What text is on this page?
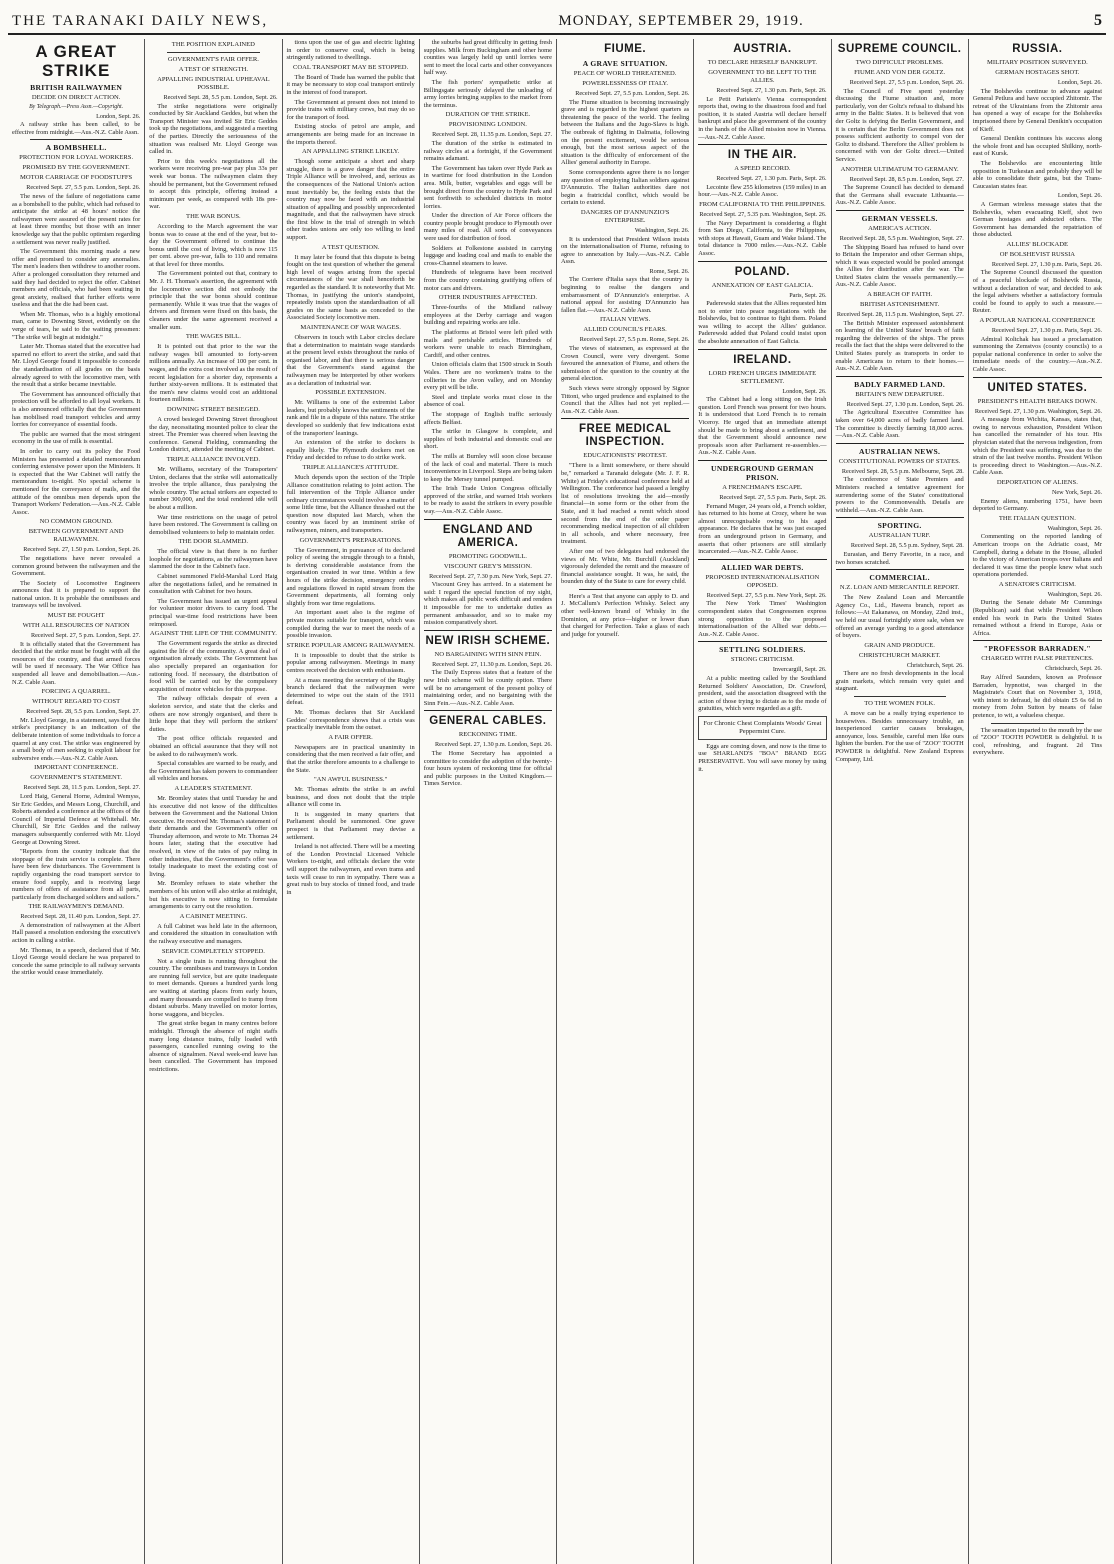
THE TARANAKI DAILY NEWS,	MONDAY, SEPTEMBER 29, 1919.	5
A GREAT STRIKE
BRITISH RAILWAYMEN
DECIDE ON DIRECT ACTION.
By Telegraph.—Press Assn.—Copyright.
London, Sept. 26.

A railway strike has been called, to be effective from midnight.—Aus.-N.Z. Cable Assn.

A BOMBSHELL.
PROTECTION FOR LOYAL WORKERS.
PROMISED BY THE GOVERNMENT.
MOTOR CARRIAGE OF FOODSTUFFS
Received Sept. 27, 5.5 p.m. London, Sept. 26.

The news of the failure of negotiations came as a bombshell to the public, which had refused to anticipate the strike at 48 hours' notice the railwaymen were assured of the present rates for at least three months; but those with an inner knowledge say that the public optimism regarding a settlement was never really justified.

The Government this morning made a new offer and promised to consider any anomalies. The men's leaders then withdrew to another room. After a prolonged consultation they returned and said they had decided to reject the offer. Cabinet members and officials, who had been waiting in great anxiety, realised that further efforts were useless and that the die had been cast.

When Mr. Thomas, who is a highly emotional man, came to Downing Street, evidently on the verge of tears, he said to the waiting pressmen: "The strike will begin at midnight."

Later Mr. Thomas stated that the executive had sparred no effort to avert the strike, and said that Mr. Lloyd George found it impossible to concede the standardisation of all grades on the basis already agreed to with the locomotive men, with the result that a strike became inevitable.

The Government has announced officially that protection will be afforded to all loyal workers. It is also announced officially that the Government has mobilised road transport vehicles and army lorries for conveyance of essential foods.

The public are warned that the most stringent economy in the use of milk is essential.

In order to carry out its policy the Food Ministers has presented a detailed memorandum conferring extensive power upon the Ministers. It is expected that the War Cabinet will ratify the memorandum to-night. No special scheme is mentioned for the conveyance of mails, and the attitude of the omnibus men depends upon the Transport Workers' Federation.—Aus.-N.Z. Cable Assoc.

NO COMMON GROUND.
BETWEEN GOVERNMENT AND RAILWAYMEN.
Received Sept. 27, 1.50 p.m. London, Sept. 26.

The negotiations have never revealed a common ground between the railwaymen and the Government.

The Society of Locomotive Engineers announces that it is prepared to support the national union. It is probable the omnibuses and tramways will be involved.

MUST BE FOUGHT
WITH ALL RESOURCES OF NATION
Received Sept. 27, 5 p.m. London, Sept. 27.

It is officially stated that the Government has decided that the strike must be fought with all the resources of the country, and that armed forces will be used if necessary. The War Office has suspended all leave and demobilisation.—Aus.-N.Z. Cable Assn.

FORCING A QUARREL.
WITHOUT REGARD TO COST
Received Sept. 28, 5.5 p.m. London, Sept. 27.

Mr. Lloyd George, in a statement, says that the strike's precipitancy is an indication of the deliberate intention of some individuals to force a quarrel at any cost. The strike was engineered by a small body of men seeking to exploit labour for subversive ends.—Aus.-N.Z. Cable Assn.

IMPORTANT CONFERENCE.
GOVERNMENT'S STATEMENT.
Received Sept. 28, 11.5 p.m. London, Sept. 27.

Lord Haig, General Horne, Admiral Wemyss, Sir Eric Geddes, and Messrs Long, Churchill, and Roberts attended a conference at the offices of the Council of Imperial Defence at Whitehall. Mr. Churchill, Sir Eric Geddes and the railway managers subsequently conferred with Mr. Lloyd George at Downing Street.

"Reports from the country indicate that the stoppage of the train service is complete. There have been few disturbances. The Government is rapidly organising the road transport service to ensure food supply, and is receiving large numbers of offers of assistance from all parts, particularly from discharged soldiers and sailors."

THE RAILWAYMEN'S DEMAND.
Received Sept. 28, 11.40 p.m. London, Sept. 27.

A demonstration of railwaymen at the Albert Hall passed a resolution endorsing the executive's action in calling a strike.

Mr. Thomas, in a speech, declared that if Mr. Lloyd George would declare he was prepared to concede the same principle to all railway servants the strike would cease immediately.

THE POSITION EXPLAINED
GOVERNMENT'S FAIR OFFER.
A TEST OF STRENGTH.
APPALLING INDUSTRIAL UPHEAVAL POSSIBLE.
Received Sept. 28, 5.5 p.m. London, Sept. 26.

The strike negotiations were originally conducted by Sir Auckland Geddes, but when the Transport Minister was invited Sir Eric Geddes took up the negotiations, and suggested a meeting of the parties. Directly the seriousness of the situation was realised Mr. Lloyd George was called in.

Prior to this week's negotiations all the workers were receiving pre-war pay plus 33s per week war bonus. The railwaymen claim they should be permanent, but the Government refused to accept this principle, offering instead a minimum per week, as compared with 18s pre-war.

THE WAR BONUS.

According to the March agreement the war bonus was to cease at the end of the year, but to-day the Government offered to continue the bonus until the cost of living, which is now 115 per cent. above pre-war, falls to 110 and remains at that level for three months.

The Government pointed out that, contrary to Mr. J. H. Thomas's assertion, the agreement with the locomotive section did not embody the principle that the war bonus should continue permanently. While it was true that the wages of drivers and firemen were fixed on this basis, the cleaners under the same agreement received a smaller sum.

THE WAGES BILL.

It is pointed out that prior to the war the railway wages bill amounted to forty-seven millions annually. An increase of 100 per cent. in wages, and the extra cost involved as the result of recent legislation for a shorter day, represents a further sixty-seven millions. It is estimated that the men's new claims would cost an additional fourteen millions.

DOWNING STREET BESIEGED.

A crowd besieged Downing Street throughout the day, necessitating mounted police to clear the street. The Premier was cheered when leaving the conference. General Fielding, commanding the London district, attended the meeting of Cabinet.

TRIPLE ALLIANCE INVOLVED.

Mr. Williams, secretary of the Transporters' Union, declares that the strike will automatically involve the triple alliance, thus paralysing the whole country. The actual strikers are expected to number 300,000, and the total rendered idle will be about a million.

War time restrictions on the usage of petrol have been restored. The Government is calling on demobilised volunteers to help to maintain order.

THE DOOR SLAMMED.

The official view is that there is no further loophole for negotiations, as the railwaymen have slammed the door in the Cabinet's face.

Cabinet summoned Field-Marshal Lord Haig after the negotiations failed, and he remained in consultation with Cabinet for two hours.

The Government has issued an urgent appeal for volunteer motor drivers to carry food. The principal war-time food restrictions have been reimposed.

AGAINST THE LIFE OF THE COMMUNITY.

The Government regards the strike as directed against the life of the community. A great deal of organisation already exists. The Government has also specially prepared an organisation for rationing food. If necessary, the distribution of food will be carried out by the compulsory acquisition of motor vehicles for this purpose.

The railway officials despair of even a skeleton service, and state that the clerks and others are now strongly organised, and there is little hope that they will perform the strikers' duties.

The post office officials requested and obtained an official assurance that they will not be asked to do railwaymen's work.

Special constables are warned to be ready, and the Government has taken powers to commandeer all vehicles and horses.

A LEADER'S STATEMENT.

Mr. Bromley states that until Tuesday he and his executive did not know of the difficulties between the Government and the National Union executive. He received Mr. Thomas's statement of their demands and the Government's offer on Thursday afternoon, and wrote to Mr. Thomas 24 hours later, stating that the executive had resolved, in view of the rates of pay ruling in other industries, that the Government's offer was totally inadequate to meet the existing cost of living.

Mr. Bromley refuses to state whether the members of his union will also strike at midnight, but his executive is now sitting to formulate arrangements to carry out the resolution.

A CABINET MEETING.

A full Cabinet was held late in the afternoon, and considered the situation in consultation with the railway executive and managers.

SERVICE COMPLETELY STOPPED.

Not a single train is running throughout the country. The omnibuses and tramways in London are running full service, but are quite inadequate to meet demands. Queues a hundred yards long are waiting at starting places from early hours, and many thousands are compelled to tramp from distant suburbs. Many travelled on motor lorries, horse waggons, and bicycles.

The great strike began in many centres before midnight. Through the absence of night staffs many long distance trains, fully loaded with passengers, cancelled running owing to the absence of signalmen. Naval week-end leave has been cancelled. The Government has imposed restrictions.

tions upon the use of gas and electric lighting in order to conserve coal, which is being stringently rationed to dwellings.

COAL TRANSPORT MAY BE STOPPED.

The Board of Trade has warned the public that it may be necessary to stop coal transport entirely in the interest of food transport.

The Government at present does not intend to provide trains with military crews, but may do so for the transport of food.

Existing stocks of petrol are ample, and arrangements are being made for an increase in the imports thereof.

AN APPALLING STRIKE LIKELY.

Though some anticipate a short and sharp struggle, there is a grave danger that the entire Triple Alliance will be involved, and, serious as the consequences of the National Union's action must inevitably be, the feeling exists that the country may now be faced with an industrial situation of appalling and possibly unprecedented magnitude, and that the railwaymen have struck the first blow in the trial of strength in which other trades unions are only too willing to lend support.

A TEST QUESTION.

It may later be found that this dispute is being fought on the test question of whether the general high level of wages arising from the special circumstances of the war shall henceforth be regarded as the standard. It is noteworthy that Mr. Thomas, in justifying the union's standpoint, repeatedly insists upon the standardisation of all grades on the same basis as conceded to the Associated Society locomotive men.

MAINTENANCE OF WAR WAGES.

Observers in touch with Labor circles declare that a determination to maintain wage standards at the present level exists throughout the ranks of organised labor, and that there is serious danger that the Government's stand against the railwaymen may be interpreted by other workers as a declaration of industrial war.

POSSIBLE EXTENSION.

Mr. Williams is one of the extremist Labor leaders, but probably knows the sentiments of the rank and file in a dispute of this nature. The strike developed so suddenly that few indications exist of the transporters' leanings.

An extension of the strike to dockers is equally likely. The Plymouth dockers met on Friday and decided to refuse to do strike work.

TRIPLE ALLIANCE'S ATTITUDE.

Much depends upon the section of the Triple Alliance constitution relating to joint action. The full intervention of the Triple Alliance under ordinary circumstances would involve a matter of some little time, but the Alliance thrashed out the question now disputed last March, when the country was faced by an imminent strike of railwaymen, miners, and transporters.

GOVERNMENT'S PREPARATIONS.

The Government, in pursuance of its declared policy of seeing the struggle through to a finish, is deriving considerable assistance from the organisation created in war time. Within a few hours of the strike decision, emergency orders and regulations flowed in rapid stream from the Government departments, all forming only slightly from war time regulations.

An important asset also is the regime of private motors suitable for transport, which was compiled during the war to meet the needs of a possible invasion.

STRIKE POPULAR AMONG RAILWAYMEN.

It is impossible to doubt that the strike is popular among railwaymen. Meetings in many centres received the decision with enthusiasm.

At a mass meeting the secretary of the Rugby branch declared that the railwaymen were determined to wipe out the stain of the 1911 defeat.

Mr. Thomas declares that Sir Auckland Geddes' correspondence shows that a crisis was practically inevitable from the outset.

A FAIR OFFER.

Newspapers are in practical unanimity in considering that the men received a fair offer, and that the strike therefore amounts to a challenge to the State.

"AN AWFUL BUSINESS."

Mr. Thomas admits the strike is an awful business, and does not doubt that the triple alliance will come in.

It is suggested in many quarters that Parliament should be summoned. One grave prospect is that Parliament may devise a settlement.

Ireland is not affected. There will be a meeting of the London Provincial Licensed Vehicle Workers to-night, and officials declare the vote will support the railwaymen, and even trams and taxis will cease to run in sympathy. There was a great rush to buy stocks of tinned food, and trade in

the suburbs had great difficulty in getting fresh supplies. Milk from Buckingham and other home counties was largely held up until lorries were sent to meet the local carts and other conveyances half way.

The fish porters' sympathetic strike at Billingsgate seriously delayed the unloading of army lorries bringing supplies to the market from the terminus.

DURATION OF THE STRIKE.
PROVISIONING LONDON.
Received Sept. 28, 11.35 p.m. London, Sept. 27.

The duration of the strike is estimated in railway circles at a fortnight, if the Government remains adamant.

The Government has taken over Hyde Park as in wartime for food distribution in the London area. Milk, butter, vegetables and eggs will be brought direct from the country to Hyde Park and sent forthwith to scheduled districts in motor lorries.

Under the direction of Air Force officers the country people brought produce to Plymouth over many miles of road. All sorts of conveyances were used for distribution of food.

Soldiers at Folkestone assisted in carrying luggage and loading coal and mails to enable the cross-Channel steamers to leave.

Hundreds of telegrams have been received from the country containing gratifying offers of motor cars and drivers.

OTHER INDUSTRIES AFFECTED.

Three-fourths of the Midland railway employees at the Derby carriage and wagon building and repairing works are idle.

The platforms at Bristol were left piled with mails and perishable articles. Hundreds of workers were unable to reach Birmingham, Cardiff, and other centres.

Union officials claim that 1500 struck in South Wales. There are no workmen's trains to the collieries in the Avon valley, and on Monday every pit will be idle.

Steel and tinplate works must close in the absence of coal.

The stoppage of English traffic seriously affects Belfast.

The strike in Glasgow is complete, and supplies of both industrial and domestic coal are short.

The mills at Burnley will soon close because of the lack of coal and material. There is much inconvenience in Liverpool. Steps are being taken to keep the Mersey tunnel pumped.

The Irish Trade Union Congress officially approved of the strike, and warned Irish workers to be ready to assist the strikers in every possible way.—Aus.-N.Z. Cable Assoc.

ENGLAND AND AMERICA.
PROMOTING GOODWILL.
VISCOUNT GREY'S MISSION.
Received Sept. 27, 7.30 p.m. New York, Sept. 27.

Viscount Grey has arrived. In a statement he said: I regard the special function of my sight, which makes all public work difficult and renders it impossible for me to undertake duties as permanent ambassador, and so to make my mission comparatively short.

NEW IRISH SCHEME.
NO BARGAINING WITH SINN FEIN.
Received Sept. 27, 11.30 p.m. London, Sept. 26.

The Daily Express states that a feature of the new Irish scheme will be county option. There will be no arrangement of the present policy of maintaining order, and no bargaining with the Sinn Fein.—Aus.-N.Z. Cable Assn.

GENERAL CABLES.
RECKONING TIME.
Received Sept. 27, 1.30 p.m. London, Sept. 26.

The Home Secretary has appointed a committee to consider the adoption of the twenty-four hours system of reckoning time for official and public purposes in the United Kingdom.—Times Service.

FIUME.
A GRAVE SITUATION.
PEACE OF WORLD THREATENED.
POWERLESSNESS OF ITALY.
Received Sept. 27, 5.5 p.m. London, Sept. 26.

The Fiume situation is becoming increasingly grave and is regarded in the highest quarters as threatening the peace of the world. The feeling between the Italians and the Jugo-Slavs is high. The outbreak of fighting in Dalmatia, following on the present excitement, would be serious enough, but the most serious aspect of the situation is the difficulty of enforcement of the Allies' general authority in Europe.

Some correspondents agree there is no longer any question of employing Italian soldiers against D'Annunzio. The Italian authorities dare not begin a fratricidal conflict, which would be certain to extend.

DANGERS OF D'ANNUNZIO'S ENTERPRISE.
Washington, Sept. 26.

It is understood that President Wilson insists on the internationalisation of Fiume, refusing to agree to annexation by Italy.—Aus.-N.Z. Cable Assn.

Rome, Sept. 26.

The Corriere d'Italia says that the country is beginning to realise the dangers and embarrassment of D'Annunzio's enterprise. A national appeal for assisting D'Annunzio has fallen flat.—Aus.-N.Z. Cable Assn.

ITALIAN VIEWS.
ALLIED COUNCIL'S FEARS.
Received Sept. 27, 5.5 p.m. Rome, Sept. 26.

The views of statesmen, as expressed at the Crown Council, were very divergent. Some favoured the annexation of Fiume, and others the submission of the question to the country at the general election.

Such views were strongly opposed by Signor Tittoni, who urged prudence and explained to the Council that the Allies had not yet replied.—Aus.-N.Z. Cable Assn.

FREE MEDICAL INSPECTION.
EDUCATIONISTS' PROTEST.

"There is a limit somewhere, or there should be," remarked a Taranaki delegate (Mr. J. F. R. White) at Friday's educational conference held at Wellington. The conference had passed a lengthy list of resolutions invoking the aid—mostly financial—in some form or the other from the State, and it had reached a remit which stood second from the end of the order paper recommending medical inspection of all children in all schools, and where necessary, free treatment.

After one of two delegates had endorsed the views of Mr. White, Mr. Burchill (Auckland) vigorously defended the remit and the measure of financial assistance sought. It was, he said, the bounden duty of the State to care for every child.

Here's a Test that anyone can apply to D. and J. McCallum's Perfection Whisky. Select any other well-known brand of Whisky in the Dominion, at any price—higher or lower than that charged for Perfection. Take a glass of each and judge for yourself.

AUSTRIA.
TO DECLARE HERSELF BANKRUPT.
GOVERNMENT TO BE LEFT TO THE ALLIES.
Received Sept. 27, 1.30 p.m. Paris, Sept. 26.

Le Petit Parisien's Vienna correspondent reports that, owing to the disastrous food and fuel position, it is stated Austria will declare herself bankrupt and place the government of the country in the hands of the Allied mission now in Vienna.—Aus.-N.Z. Cable Assoc.

IN THE AIR.
A SPEED RECORD.
Received Sept. 27, 1.30 p.m. Paris, Sept. 26.

Lecointe flew 255 kilometres (159 miles) in an hour.—Aus.-N.Z. Cable Assoc.

FROM CALIFORNIA TO THE PHILIPPINES.
Received Sept. 27, 5.35 p.m. Washington, Sept. 26.

The Navy Department is considering a flight from San Diego, California, to the Philippines, with stops at Hawaii, Guam and Wake Island. The total distance is 7000 miles.—Aus.-N.Z. Cable Assoc.

POLAND.
ANNEXATION OF EAST GALICIA.
Paris, Sept. 26.

Paderewski states that the Allies requested him not to enter into peace negotiations with the Bolsheviks, but to continue to fight them. Poland was willing to accept the Allies' guidance. Paderewski added that Poland could insist upon the absolute annexation of East Galicia.

IRELAND.
LORD FRENCH URGES IMMEDIATE SETTLEMENT.
London, Sept. 26.

The Cabinet had a long sitting on the Irish question. Lord French was present for two hours. It is understood that Lord French is to remain Viceroy. He urged that an immediate attempt should be made to bring about a settlement, and that the Government should announce new proposals soon after Parliament re-assembles.—Aus.-N.Z. Cable Assn.

UNDERGROUND GERMAN PRISON.
A FRENCHMAN'S ESCAPE.
Received Sept. 27, 5.5 p.m. Paris, Sept. 26.

Fernand Muger, 24 years old, a French soldier, has returned to his home at Crozy, where he was almost unrecognisable owing to his aged appearance. He declares that he was just escaped from an underground prison in Germany, and asserts that other prisoners are still similarly incarcerated.—Aus.-N.Z. Cable Assoc.

ALLIED WAR DEBTS.
PROPOSED INTERNATIONALISATION OPPOSED.
Received Sept. 27, 5.5 p.m. New York, Sept. 26.

The New York Times' Washington correspondent states that Congressmen express strong opposition to the proposed internationalisation of the Allied war debts.—Aus.-N.Z. Cable Assoc.

SETTLING SOLDIERS.
STRONG CRITICISM.
Invercargill, Sept. 26.

At a public meeting called by the Southland Returned Soldiers' Association, Dr. Crawford, president, said the association disagreed with the action of those trying to dictate as to the mode of gratuities, which were regarded as a gift.

For Chronic Chest Complaints Woods' Great Peppermint Cure.

Eggs are coming down, and now is the time to use SHARLAND'S "BOA" BRAND EGG PRESERVATIVE. You will save money by using it.

SUPREME COUNCIL.
TWO DIFFICULT PROBLEMS.
FIUME AND VON DER GOLTZ.
Received Sept. 27, 5.5 p.m. London, Sept. 26.

The Council of Five spent yesterday discussing the Fiume situation and, more particularly, von der Goltz's refusal to disband his army in the Baltic States. It is believed that von der Goltz is defying the Berlin Government, and it is certain that the Berlin Government does not possess sufficient authority to compel von der Goltz to disband. Therefore the Allies' problem is concerned with von der Goltz direct.—United Service.

ANOTHER ULTIMATUM TO GERMANY.
Received Sept. 28, 8.5 p.m. London, Sept. 27.

The Supreme Council has decided to demand that the Germans shall evacuate Lithuania.—Aus.-N.Z. Cable Assoc.

GERMAN VESSELS.
AMERICA'S ACTION.
Received Sept. 28, 5.5 p.m. Washington, Sept. 27.

The Shipping Board has refused to hand over to Britain the Imperator and other German ships, which it was expected would be pooled amongst the Allies for distribution after the war. The United States claim the vessels permanently.—Aus.-N.Z. Cable Assoc.

A BREACH OF FAITH.
BRITISH ASTONISHMENT.
Received Sept. 28, 11.5 p.m. Washington, Sept. 27.

The British Minister expressed astonishment on learning of the United States' breach of faith regarding the deliveries of the ships. The press recalls the fact that the ships were delivered to the United States purely as transports in order to enable Americans to return to their homes.—Aus.-N.Z. Cable Assn.

BADLY FARMED LAND.
BRITAIN'S NEW DEPARTURE.
Received Sept. 27, 1.30 p.m. London, Sept. 26.

The Agricultural Executive Committee has taken over 64,000 acres of badly farmed land. The committee is directly farming 18,000 acres.—Aus.-N.Z. Cable Assn.

AUSTRALIAN NEWS.
CONSTITUTIONAL POWERS OF STATES.
Received Sept. 28, 5.5 p.m. Melbourne, Sept. 28.

The conference of State Premiers and Ministers reached a tentative agreement for surrendering some of the States' constitutional powers to the Commonwealth. Details are withheld.—Aus.-N.Z. Cable Assn.

SPORTING.
AUSTRALIAN TURF.
Received Sept. 28, 5.5 p.m. Sydney, Sept. 28.

Eurasian, and Berry Favorite, in a race, and two horses scratched.

COMMERCIAL.
N.Z. LOAN AND MERCANTILE REPORT.

The New Zealand Loan and Mercantile Agency Co., Ltd., Hawera branch, report as follows:—At Eakanawa, on Monday, 22nd inst., we held our usual fortnightly store sale, when we offered an average yarding to a good attendance of buyers.

GRAIN AND PRODUCE.
CHRISTCHURCH MARKET.
Christchurch, Sept. 26.

There are no fresh developments in the local grain markets, which remain very quiet and stagnant.

TO THE WOMEN FOLK.

A move can be a really trying experience to housewives. Besides unnecessary trouble, an inexperienced carrier causes breakages, annoyance, loss. Sensible, careful men like ours lighten the burden. For the use of "ZOO" TOOTH POWDER is delightful. New Zealand Express Company, Ltd.

RUSSIA.
MILITARY POSITION SURVEYED.
GERMAN HOSTAGES SHOT.
London, Sept. 26.

The Bolsheviks continue to advance against General Petlura and have occupied Zhitomir. The retreat of the Ukrainians from the Zhitomir area has opened a way of escape for the Bolsheviks imprisoned there by General Denikin's occupation of Kieff.

General Denikin continues his success along the whole front and has occupied Shilkiny, north-east of Kursk.

The Bolsheviks are encountering little opposition in Turkestan and probably they will be able to consolidate their gains, but the Trans-Caucasian states fear.

London, Sept. 26.

A German wireless message states that the Bolsheviks, when evacuating Kieff, shot two German hostages and abducted others. The Government has demanded the repatriation of those abducted.

ALLIES' BLOCKADE
OF BOLSHEVIST RUSSIA
Received Sept. 27, 1.30 p.m. Paris, Sept. 26.

The Supreme Council discussed the question of a peaceful blockade of Bolshevik Russia, without a declaration of war, and decided to ask the legal advisers whether a satisfactory formula could be found to apply to such a measure.—Reuter.

A POPULAR NATIONAL CONFERENCE
Received Sept. 27, 1.30 p.m. Paris, Sept. 26.

Admiral Koltchak has issued a proclamation summoning the Zemstvos (county councils) to a popular national conference in order to solve the immediate needs of the country.—Aus.-N.Z. Cable Assoc.

UNITED STATES.
PRESIDENT'S HEALTH BREAKS DOWN.
Received Sept. 27, 1.30 p.m. Washington, Sept. 26.

A message from Wichita, Kansas, states that, owing to nervous exhaustion, President Wilson has cancelled the remainder of his tour. His physician stated that the nervous indigestion, from which the President was suffering, was due to the strain of the last twelve months. President Wilson is proceeding direct to Washington.—Aus.-N.Z. Cable Assn.

DEPORTATION OF ALIENS.
New York, Sept. 26.

Enemy aliens, numbering 1751, have been deported to Germany.

THE ITALIAN QUESTION.
Washington, Sept. 26.

Commenting on the reported landing of American troops on the Adriatic coast, Mr Campbell, during a debate in the House, alluded to the victory of American troops over Italians and declared it was time the people knew what such operations portended.

A SENATOR'S CRITICISM.
Washington, Sept. 26.

During the Senate debate Mr Cummings (Republican) said that while President Wilson ended his work in Paris the United States remained without a friend in Europe, Asia or Africa.

"PROFESSOR BARRADEN."
CHARGED WITH FALSE PRETENCES.
Christchurch, Sept. 26.

Ray Alfred Saunders, known as Professor Barraden, hypnotist, was charged in the Magistrate's Court that on November 3, 1918, with intent to defraud, he did obtain £5 6s 6d in money from John Sutton by means of false pretence, to wit, a valueless cheque.

The sensation imparted to the mouth by the use of "ZOO" TOOTH POWDER is delightful. It is cool, refreshing, and fragrant. 2d Tins everywhere.
